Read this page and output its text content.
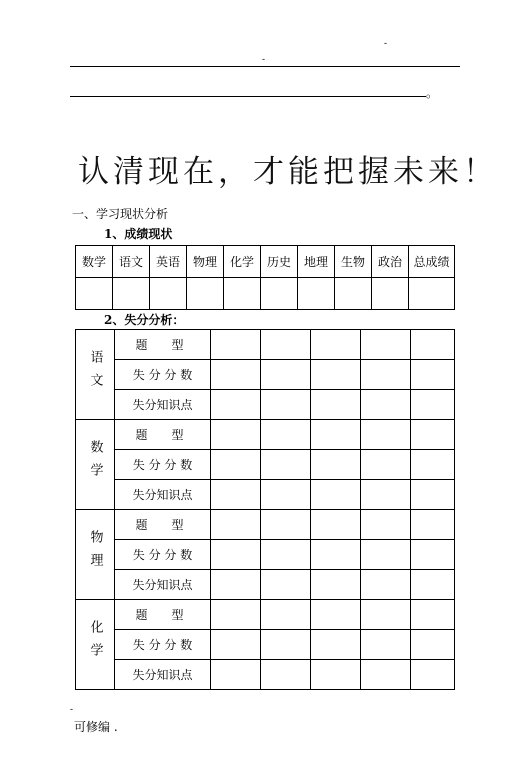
-
-
。
认清现在，才能把握未来！
一、学习现状分析
1、成绩现状
数学	语文	英语	物理	化学	历史	地理	生物	政治	总成绩

2、失分分析：
语文	题　型					
	失 分 分 数					
	失分知识点					
数学	题　型					
	失 分 分 数					
	失分知识点					
物理	题　型					
	失 分 分 数					
	失分知识点					
化学	题　型					
	失 分 分 数					
	失分知识点					
-
可修编 .
